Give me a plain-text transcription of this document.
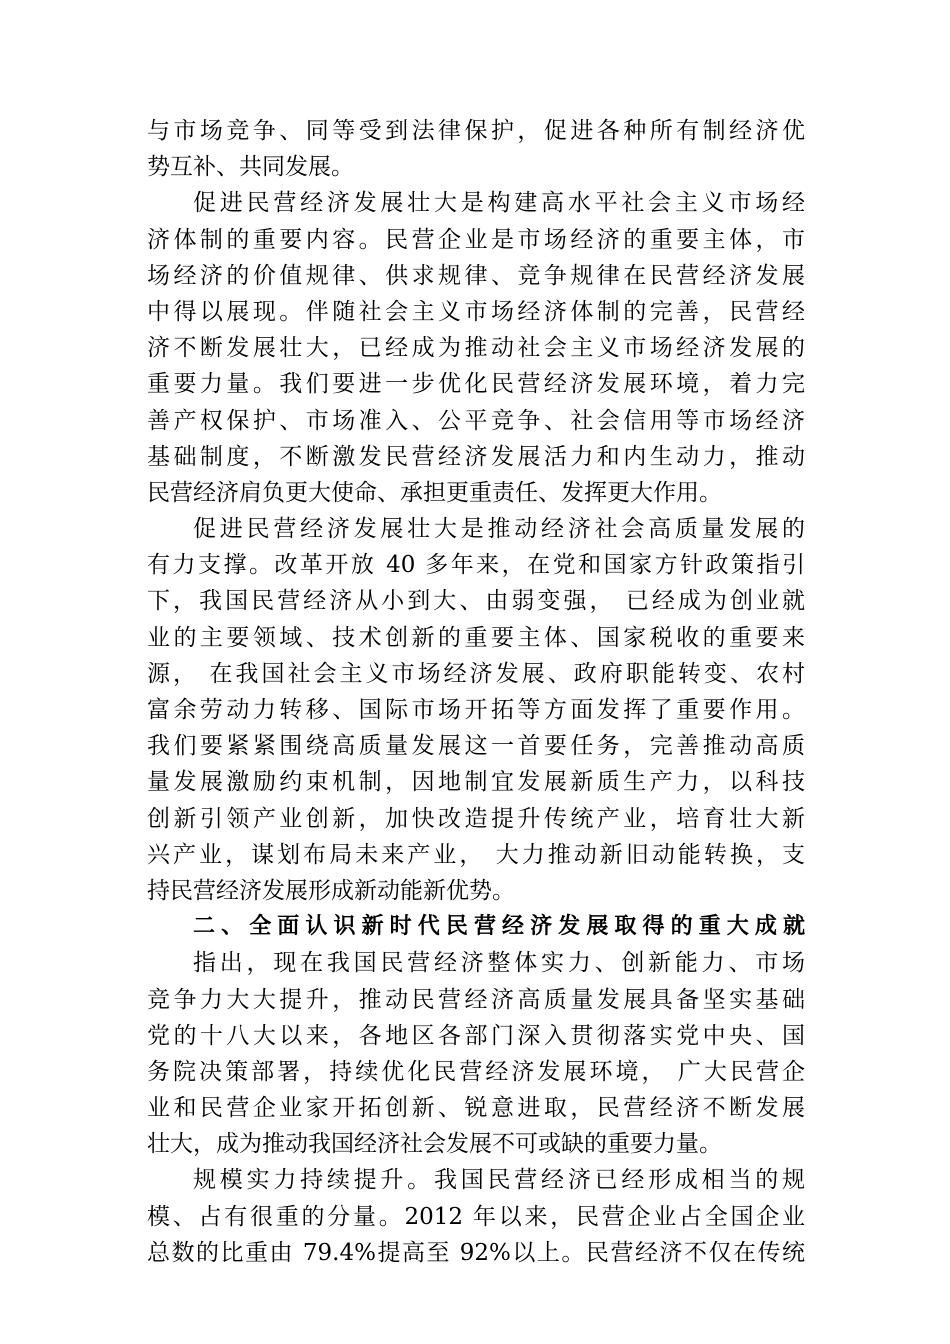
与市场竞争、同等受到法律保护，促进各种所有制经济优
势互补、共同发展。
促进民营经济发展壮大是构建高水平社会主义市场经
济体制的重要内容。民营企业是市场经济的重要主体，市
场经济的价值规律、供求规律、竞争规律在民营经济发展
中得以展现。伴随社会主义市场经济体制的完善，民营经
济不断发展壮大，已经成为推动社会主义市场经济发展的
重要力量。我们要进一步优化民营经济发展环境，着力完
善产权保护、市场准入、公平竞争、社会信用等市场经济
基础制度，不断激发民营经济发展活力和内生动力，推动
民营经济肩负更大使命、承担更重责任、发挥更大作用。
促进民营经济发展壮大是推动经济社会高质量发展的
有力支撑。改革开放 40 多年来，在党和国家方针政策指引
下，我国民营经济从小到大、由弱变强， 已经成为创业就
业的主要领域、技术创新的重要主体、国家税收的重要来
源， 在我国社会主义市场经济发展、政府职能转变、农村
富余劳动力转移、国际市场开拓等方面发挥了重要作用。
我们要紧紧围绕高质量发展这一首要任务，完善推动高质
量发展激励约束机制，因地制宜发展新质生产力，以科技
创新引领产业创新，加快改造提升传统产业，培育壮大新
兴产业，谋划布局未来产业， 大力推动新旧动能转换，支
持民营经济发展形成新动能新优势。
二、全面认识新时代民营经济发展取得的重大成就
指出，现在我国民营经济整体实力、创新能力、市场
竞争力大大提升，推动民营经济高质量发展具备坚实基础
党的十八大以来，各地区各部门深入贯彻落实党中央、国
务院决策部署，持续优化民营经济发展环境， 广大民营企
业和民营企业家开拓创新、锐意进取，民营经济不断发展
壮大，成为推动我国经济社会发展不可或缺的重要力量。
规模实力持续提升。我国民营经济已经形成相当的规
模、占有很重的分量。2012 年以来，民营企业占全国企业
总数的比重由 79.4%提高至 92%以上。民营经济不仅在传统
